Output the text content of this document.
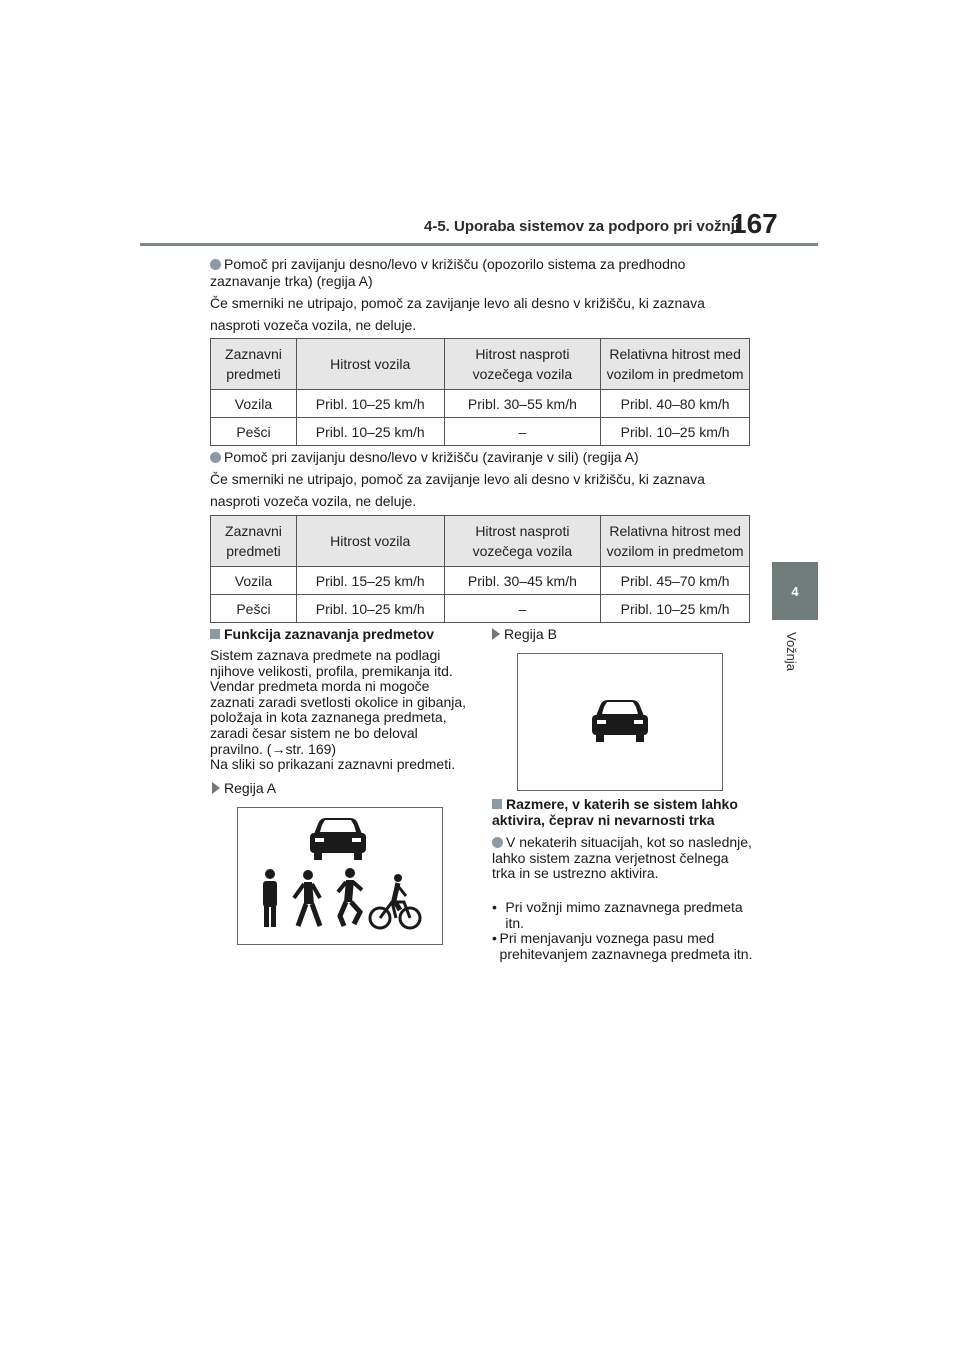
4-5. Uporaba sistemov za podporo pri vožnji
167
4
Vožnja
Pomoč pri zavijanju desno/levo v križišču (opozorilo sistema za predhodno zaznavanje trka) (regija A)
Če smerniki ne utripajo, pomoč za zavijanje levo ali desno v križišču, ki zaznava nasproti vozeča vozila, ne deluje.
Zaznavni predmeti	Hitrost vozila	Hitrost nasproti vozečega vozila	Relativna hitrost med vozilom in predmetom
Vozila	Pribl. 10–25 km/h	Pribl. 30–55 km/h	Pribl. 40–80 km/h
Pešci	Pribl. 10–25 km/h	–	Pribl. 10–25 km/h
Pomoč pri zavijanju desno/levo v križišču (zaviranje v sili) (regija A)
Če smerniki ne utripajo, pomoč za zavijanje levo ali desno v križišču, ki zaznava nasproti vozeča vozila, ne deluje.
Zaznavni predmeti	Hitrost vozila	Hitrost nasproti vozečega vozila	Relativna hitrost med vozilom in predmetom
Vozila	Pribl. 15–25 km/h	Pribl. 30–45 km/h	Pribl. 45–70 km/h
Pešci	Pribl. 10–25 km/h	–	Pribl. 10–25 km/h
Funkcija zaznavanja predmetov
Sistem zaznava predmete na podlagi njihove velikosti, profila, premikanja itd. Vendar predmeta morda ni mogoče zaznati zaradi svetlosti okolice in gibanja, položaja in kota zaznanega predmeta, zaradi česar sistem ne bo deloval pravilno. (→str. 169)
Na sliki so prikazani zaznavni predmeti.
Regija A
Regija B
Razmere, v katerih se sistem lahko aktivira, čeprav ni nevarnosti trka
V nekaterih situacijah, kot so naslednje, lahko sistem zazna verjetnost čelnega trka in se ustrezno aktivira.
• Pri vožnji mimo zaznavnega predmeta itn.
• Pri menjavanju voznega pasu med prehitevanjem zaznavnega predmeta itn.
